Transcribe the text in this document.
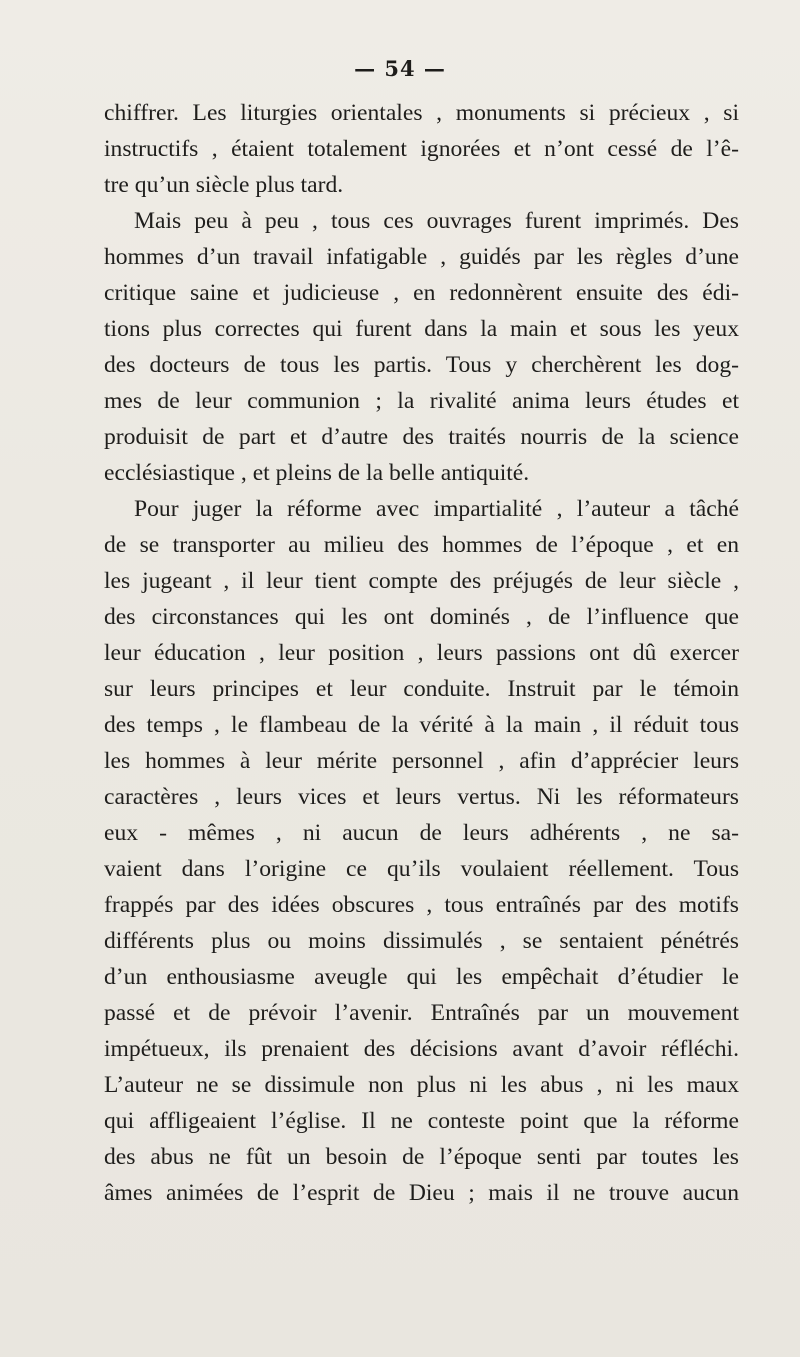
— 54 —
chiffrer. Les liturgies orientales , monuments si précieux , si
instructifs , étaient totalement ignorées et n’ont cessé de l’ê-
tre qu’un siècle plus tard.
Mais peu à peu , tous ces ouvrages furent imprimés. Des
hommes d’un travail infatigable , guidés par les règles d’une
critique saine et judicieuse , en redonnèrent ensuite des édi-
tions plus correctes qui furent dans la main et sous les yeux
des docteurs de tous les partis. Tous y cherchèrent les dog-
mes de leur communion ; la rivalité anima leurs études et
produisit de part et d’autre des traités nourris de la science
ecclésiastique , et pleins de la belle antiquité.
Pour juger la réforme avec impartialité , l’auteur a tâché
de se transporter au milieu des hommes de l’époque , et en
les jugeant , il leur tient compte des préjugés de leur siècle ,
des circonstances qui les ont dominés , de l’influence que
leur éducation , leur position , leurs passions ont dû exercer
sur leurs principes et leur conduite. Instruit par le témoin
des temps , le flambeau de la vérité à la main , il réduit tous
les hommes à leur mérite personnel , afin d’apprécier leurs
caractères , leurs vices et leurs vertus. Ni les réformateurs
eux - mêmes , ni aucun de leurs adhérents , ne sa-
vaient dans l’origine ce qu’ils voulaient réellement. Tous
frappés par des idées obscures , tous entraînés par des motifs
différents plus ou moins dissimulés , se sentaient pénétrés
d’un enthousiasme aveugle qui les empêchait d’étudier le
passé et de prévoir l’avenir. Entraînés par un mouvement
impétueux, ils prenaient des décisions avant d’avoir réfléchi.
L’auteur ne se dissimule non plus ni les abus , ni les maux
qui affligeaient l’église. Il ne conteste point que la réforme
des abus ne fût un besoin de l’époque senti par toutes les
âmes animées de l’esprit de Dieu ; mais il ne trouve aucun
